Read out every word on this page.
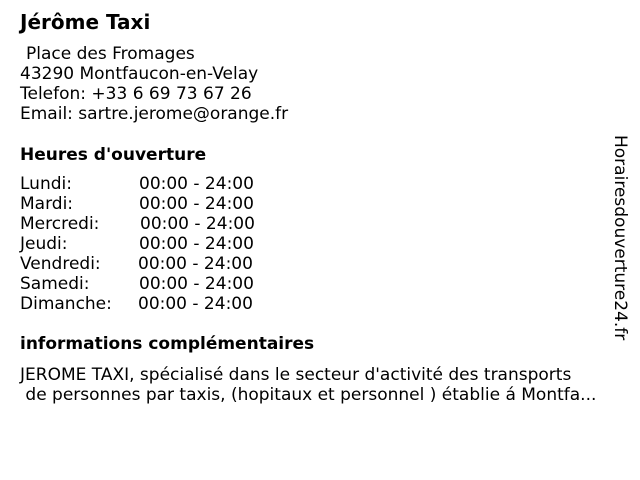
Jérôme Taxi
Place des Fromages
43290 Montfaucon-en-Velay
Telefon: +33 6 69 73 67 26
Email: sartre.jerome@orange.fr
Heures d'ouverture
Lundi:	00:00 - 24:00
Mardi:	00:00 - 24:00
Mercredi: 00:00 - 24:00
Jeudi:	00:00 - 24:00
Vendredi: 00:00 - 24:00
Samedi:	00:00 - 24:00
Dimanche: 00:00 - 24:00
informations complémentaires
JEROME TAXI, spécialisé dans le secteur d'activité des transports
de personnes par taxis, (hopitaux et personnel ) établie á Montfa...
Horairesdouverture24.fr
